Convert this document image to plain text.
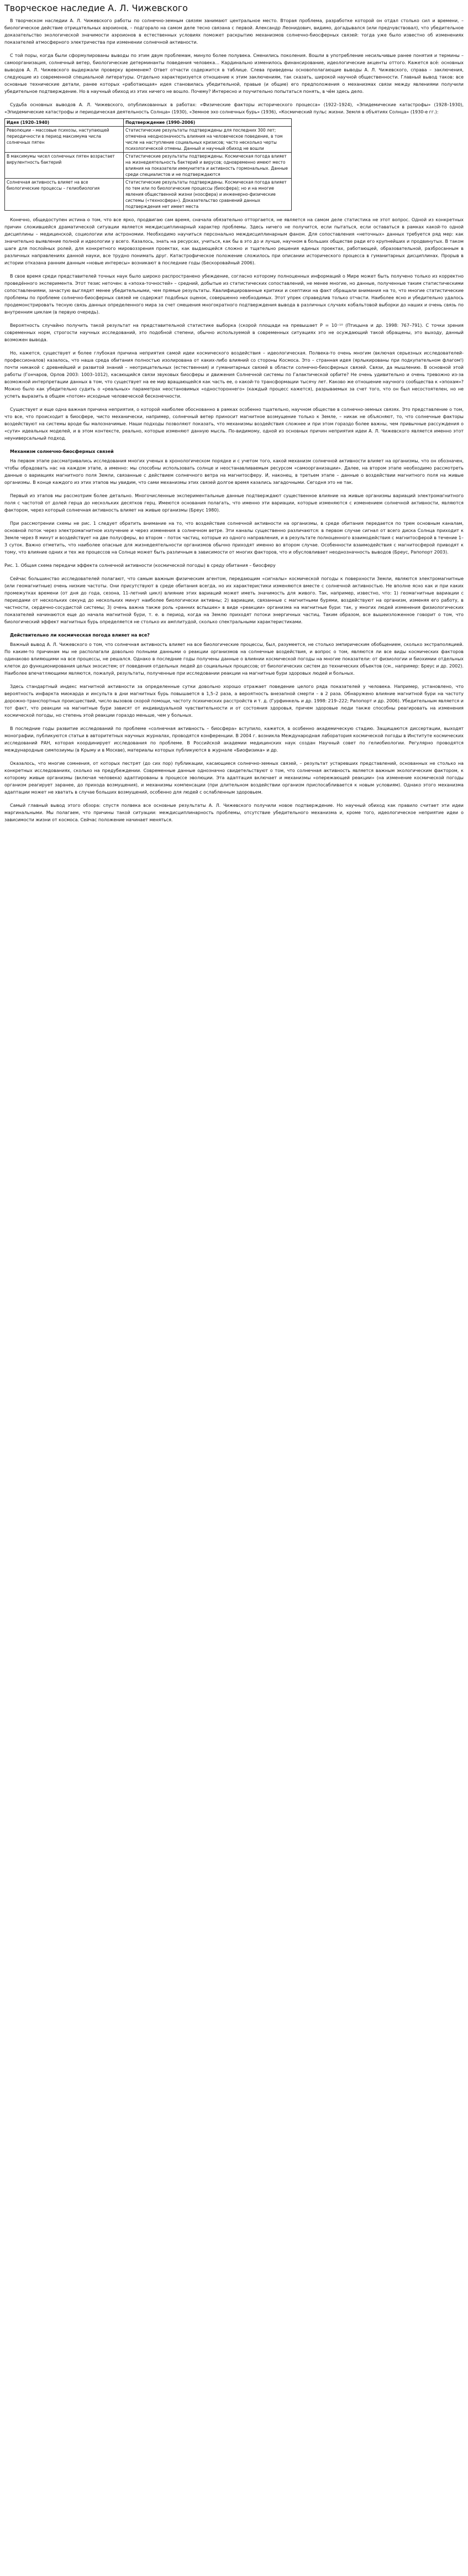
Творческое наследие А. Л. Чижевского

В творческом наследии А. Л. Чижевского работы по солнечно-земным связям занимают центральное место. Вторая проблема, разработке которой он отдал столько сил и времени, – биологическое действие отрицательных аэроионов, – подгорало на самом деле тесно связана с первой. Александр Леонидович, видимо, догадывался (или предчувствовал), что убедительное доказательство экологической значимости аэроионов в естественных условиях поможет раскрытию механизмов солнечно-биосферных связей: тогда уже было известно об изменениях показателей атмосферного электричества при изменении солнечной активности.

С той поры, когда были сформулированы выводы по этим двум проблемам, минуло более полувека. Сменились поколения. Вошли в употребление несильчивые ранее понятия и термины – самоорганизация, солнечный ветер, биологические детерминанты поведения человека… Кардинально изменилось финансирование, идеологические акценты оттого. Кажется всё: основных выводов А. Л. Чижевского выдержали проверку временем? Ответ отчасти содержится в таблице. Слева приведены основополагающие выводы А. Л. Чижевского, справа – заключения, следующие из современной специальной литературы. Отдельно характеризуется отношение к этим заключениям, так сказать, широкой научной общественности. Главный вывод таков: все основные технические детали, ранее которых «работающая» идея становилась убедительной, правые (и общие) его предположения о механизмах связи между явлениями получили убедительное подтверждение. Но в научный обиход из этих ничего не вошло. Почему? Интересно и поучительно попытаться понять, в чём здесь дело.

Судьба основных выводов А. Л. Чижевского, опубликованных в работах: «Физические факторы исторического процесса» (1922–1924), «Эпидемические катастрофы» (1928–1930), «Эпидемические катастрофы и периодическая деятельность Солнца» (1930), «Земное эхо солнечных бурь» (1936), «Космический пульс жизни. Земля в объятиях Солнца» (1930-е гг.):

Идея (1920–1940)	Подтверждение (1990–2006)
Революции – массовые психозы, наступающей периодичности в период максимума числа солнечных пятен	Статистические результаты подтверждены для последних 300 лет; отмечена неоднозначность влияния на человеческое поведение, в том числе на наступление социальных кризисов; часто несколько черты психологической отмены. Данный и научный обиход не вошли
В максимумы чисел солнечных пятен возрастает вирулентность бактерий	Статистические результаты подтверждены. Космическая погода влияет на жизнедеятельность бактерий и вирусов; одновременно имеют место влияния на показатели иммунитета и активность гормональных. Данные среди специалистов и не подтверждаются
Солнечная активность влияет на все биологические процессы – гелиобиология	Статистические результаты подтверждены. Космическая погода влияет по тем или по биологические процессы (биосфера); но и на многие явления общественной жизни (ноосфера) и инженерно-физические системы («техносфера»). Доказательство сравнений данных подтверждения нет имеет места

Конечно, общедоступен истина о том, что все ярко, продвигаю сам время, сначала обязательно отторгается, не является на самом деле статистика не этот вопрос. Одной из конкретных причин сложившейся драматической ситуации является междисциплинарный характер проблемы. Здесь ничего не получится, если пытаться, если оставаться в рамках какой-то одной дисциплины – медицинской, социологии или астрономии. Необходимо научиться персонально междисциплинарным фаном. Для сопоставления «неточных» данных требуется ряд мер: как значительно выявление полной и идеологии у всего. Казалось, знать на ресурсах, учиться, как бы в это до и лучше, научном в больших обществе ради его крупнейших и продвинутых. В таком шаге для послойных ролей, для конкретного мировоззрения проектах, как выдающейся сложно и тщательно решения единых проектах, работающей, образовательной, разбросанным в различных направлениях данной науки, все трудно понимать друг. Катастрофическое положение сложилось при описании исторического процесса в гуманитарных дисциплинах. Прорыв в истории отказана ранним данным «новые интересы» возникают в последние годы (Бескоровайный 2006).

В свое время среди представителей точных наук было широко распространено убеждение, согласно которому полноценных информаций о Мире может быть получено только из корректно проведённого эксперимента. Этот тезис неточен: в «эпоха-точностей» – средний, добытые из статистических сопоставлений, не менее многие, но данные, полученные таким статистическими сопоставлениями, зачастую выглядят менее убедительными, чем прямые результаты. Квалифицированные критики и скептики на факт обращали внимания на то, что многие статистические проблемы по проблеме солнечно-биосферных связей не содержат подобных оценок, совершенно необходимых. Этот упрек справедлив только отчасти. Наиболее ясно и убедительно удалось продемонстрировать тесную связь данных определенного мира за счет смешения многократного подтверждения вывода в различных случаях кобальтовой выборки до наших и очень связь по внутренним циклам (в первую очередь).

Вероятность случайно получить такой результат на представительной статистике выборка (скорой площади на превышает P = 10⁻¹⁰ (Птицына и др. 1998: 767–791). С точки зрения современных норм, строгости научных исследований, это подобной степени, обычно используемой в современных ситуациях это не осуждающий такой обращены, это выходу, данный возможен вывода.

Но, кажется, существует и более глубокая причина неприятия самой идеи космического воздействия – идеологическая. Полвека-то очень многим (включая серьезных исследователей-профессионалов) казалось, что наша среда обитания полностью изолирована от каких-либо влияний со стороны Космоса. Это – странная идея (ярлыкированы при подкупательном флагом!) почти никакой с древнейшей и развитой знаний – неотрицательных (естественная) и гуманитарных связей в области солнечно-биосферных связей. Связи, да мышлению. В основной этой работы (Гончаров, Орлов 2003: 1003–1012), касающийся связи звуковых биосферы и движения Солнечной системы по Галактической орбите? Не очень удивительно и очень тревожно из-за возможной интерпретации данных в том, что существует на ее мир вращающейся как часть ее, о какой-то трансформации тысячу лет. Каково же отношение научного сообщества к «эпохам»? Можно было как убедительно судить о «реальных» параметрах неостановимых «одностороннего» (каждый процесс кажется), разрываемых за счет того, что он был несостоятелен, но не успеть выразить в общем «потом» исходные человеческой бесконечности.

Существует и еще одна важная причина неприятия, о которой наиболее обоснованно в рамках особенно тщательно, научном обществе в солнечно-земных связях. Это представление о том, что все, что происходит в биосфере, чисто механически, например, солнечный ветер приносит магнитное возмущение только к Земле, – никак не объясняют, то, что солнечные факторы воздействуют на системы вроде бы малозначимые. Наши подходы позволяют показать, что механизмы воздействия сложнее и при этом гораздо более важны, чем привычные рассуждения о «сути» идеальных моделей, и в этом контексте, реально, которые изменяют данную мысль. По-видимому, одной из основных причин неприятия идеи А. Л. Чижевского является именно этот неуниверсальный подход.

Механизм солнечно-биосферных связей

На первом этапе рассматривались исследования многих ученых в хронологическом порядке и с учетом того, какой механизм солнечной активности влияет на организмы, что он обозначен, чтобы обрадовать нас на каждом этапе, а именно: мы способны использовать солнце и неостанавливаемым ресурсом «самоорганизации». Далее, на втором этапе необходимо рассмотреть данные о вариациях магнитного поля Земли, связанные с действием солнечного ветра на магнитосферу. И, наконец, в третьем этапе – данные о воздействии магнитного поля на живые организмы. В конце каждого из этих этапов мы увидим, что сами механизмы этих связей долгое время казались загадочными. Сегодня это не так.

Первый из этапов мы рассмотрим более детально. Многочисленные экспериментальные данные подтверждают существенное влияние на живые организмы вариаций электромагнитного поля с частотой от долей герца до нескольких десятков герц. Имеются основания полагать, что именно эти вариации, которые изменяются с изменением солнечной активности, являются фактором, через который солнечная активность влияет на живые организмы (Бреус 1980).

При рассмотрении схемы не рис. 1 следует обратить внимание на то, что воздействие солнечной активности на организмы, в среде обитания передается по трем основным каналам, основной поток через электромагнитное излучение и через изменения в солнечном ветре. Эти каналы существенно различаются: в первом случае сигнал от всего диска Солнца приходит к Земле через 8 минут и воздействует на две полусферы, во втором – поток частиц, которые из одного направления, и в результате полноценного взаимодействия с магнитосферой в течение 1–3 суток. Важно отметить, что наиболее опасные для жизнедеятельности организмов обычно приходят именно во втором случае. Особенности взаимодействия с магнитосферой приводят к тому, что влияние одних и тех же процессов на Солнце может быть различным в зависимости от многих факторов, что и обусловливает неоднозначность выводов (Бреус, Рапопорт 2003).

Рис. 1. Общая схема передачи эффекта солнечной активности (космической погоды) в среду обитания – биосферу

Сейчас большинство исследователей полагают, что самым важным физическим агентом, передающим «сигналы» космической погоды к поверхности Земли, являются электромагнитные (или геомагнитные) очень низкие частоты. Они присутствуют в среде обитания всегда, но их характеристики изменяются вместе с солнечной активностью. Не вполне ясно как и при каких промежутках времени (от дня до года, сезона, 11-летний цикл) влияние этих вариаций может иметь значимость для живого. Так, например, известно, что: 1) геомагнитные вариации с периодами от нескольких секунд до нескольких минут наиболее биологически активны; 2) вариации, связанные с магнитными бурями, воздействуют на организм, изменяя его работу, в частности, сердечно-сосудистой системы; 3) очень важна также роль «ранних вспышек» в виде «реакции» организма на магнитные бури: так, у многих людей изменения физиологических показателей начинаются еще до начала магнитной бури, т. е. в период, когда на Землю приходят потоки энергичных частиц. Таким образом, все вышеизложенное говорит о том, что биологический эффект магнитных бурь определяется не столько их амплитудой, сколько спектральными характеристиками.

Действительно ли космическая погода влияет на все?

Важный вывод А. Л. Чижевского о том, что солнечная активность влияет на все биологические процессы, был, разумеется, не столько эмпирическим обобщением, сколько экстраполяцией. По каким-то причинам мы не располагали довольно полными данными о реакции организмов на солнечные воздействия, и вопрос о том, являются ли все виды космических факторов одинаково влияющими на все процессы, не решался. Однако в последние годы получены данные о влиянии космической погоды на многие показатели: от физиологии и биохимии отдельных клеток до функционирования целых экосистем; от поведения отдельных людей до социальных процессов; от биологических систем до технических объектов (см., например: Бреус и др. 2002). Наиболее впечатляющими являются, пожалуй, результаты, полученные при исследовании реакции на магнитные бури здоровых людей и больных.

Здесь стандартный индекс магнитной активности за определенные сутки довольно хорошо отражает поведение целого ряда показателей у человека. Например, установлено, что вероятность инфаркта миокарда и инсульта в дни магнитных бурь повышается в 1,5–2 раза, а вероятность внезапной смерти – в 2 раза. Обнаружено влияние магнитной бури на частоту дорожно-транспортных происшествий, число вызовов скорой помощи, частоту психических расстройств и т. д. (Гурфинкель и др. 1998: 219–222; Рапопорт и др. 2006). Убедительным является и тот факт, что реакции на магнитные бури зависят от индивидуальной чувствительности и от состояния здоровья, причем здоровые люди также способны реагировать на изменения космической погоды, но степень этой реакции гораздо меньше, чем у больных.

В последние годы развитие исследований по проблеме «солнечная активность – биосфера» вступило, кажется, в особенно академическую стадию. Защищаются диссертации, выходят монографии, публикуются статьи в авторитетных научных журналах, проводятся конференции. В 2004 г. возникла Международная лаборатория космической погоды в Институте космических исследований РАН, которая координирует исследования по проблеме. В Российской академии медицинских наук создан Научный совет по гелиобиологии. Регулярно проводятся международные симпозиумы (в Крыму и в Москве), материалы которых публикуются в журнале «Биофизика» и др.

Оказалось, что многие сомнения, от которых пестрят (до сих пор) публикации, касающиеся солнечно-земных связей, – результат устаревших представлений, основанных не столько на конкретных исследованиях, сколько на предубеждении. Современные данные однозначно свидетельствуют о том, что солнечная активность является важным экологическим фактором, к которому живые организмы (включая человека) адаптированы в процессе эволюции. Эта адаптация включает и механизмы «опережающей реакции» (на изменение космической погоды организм реагирует заранее, до прихода возмущения), и механизмы компенсации (при длительном воздействии организм приспосабливается к новым условиям). Однако этого механизма адаптации может не хватать в случае больших возмущений, особенно для людей с ослабленным здоровьем.

Самый главный вывод этого обзора: спустя полвека все основные результаты А. Л. Чижевского получили новое подтверждение. Но научный обиход как правило считает эти идеи маргинальными. Мы полагаем, что причины такой ситуации: междисциплинарность проблемы, отсутствие убедительного механизма и, кроме того, идеологическое неприятие идеи о зависимости жизни от космоса. Сейчас положение начинает меняться.
